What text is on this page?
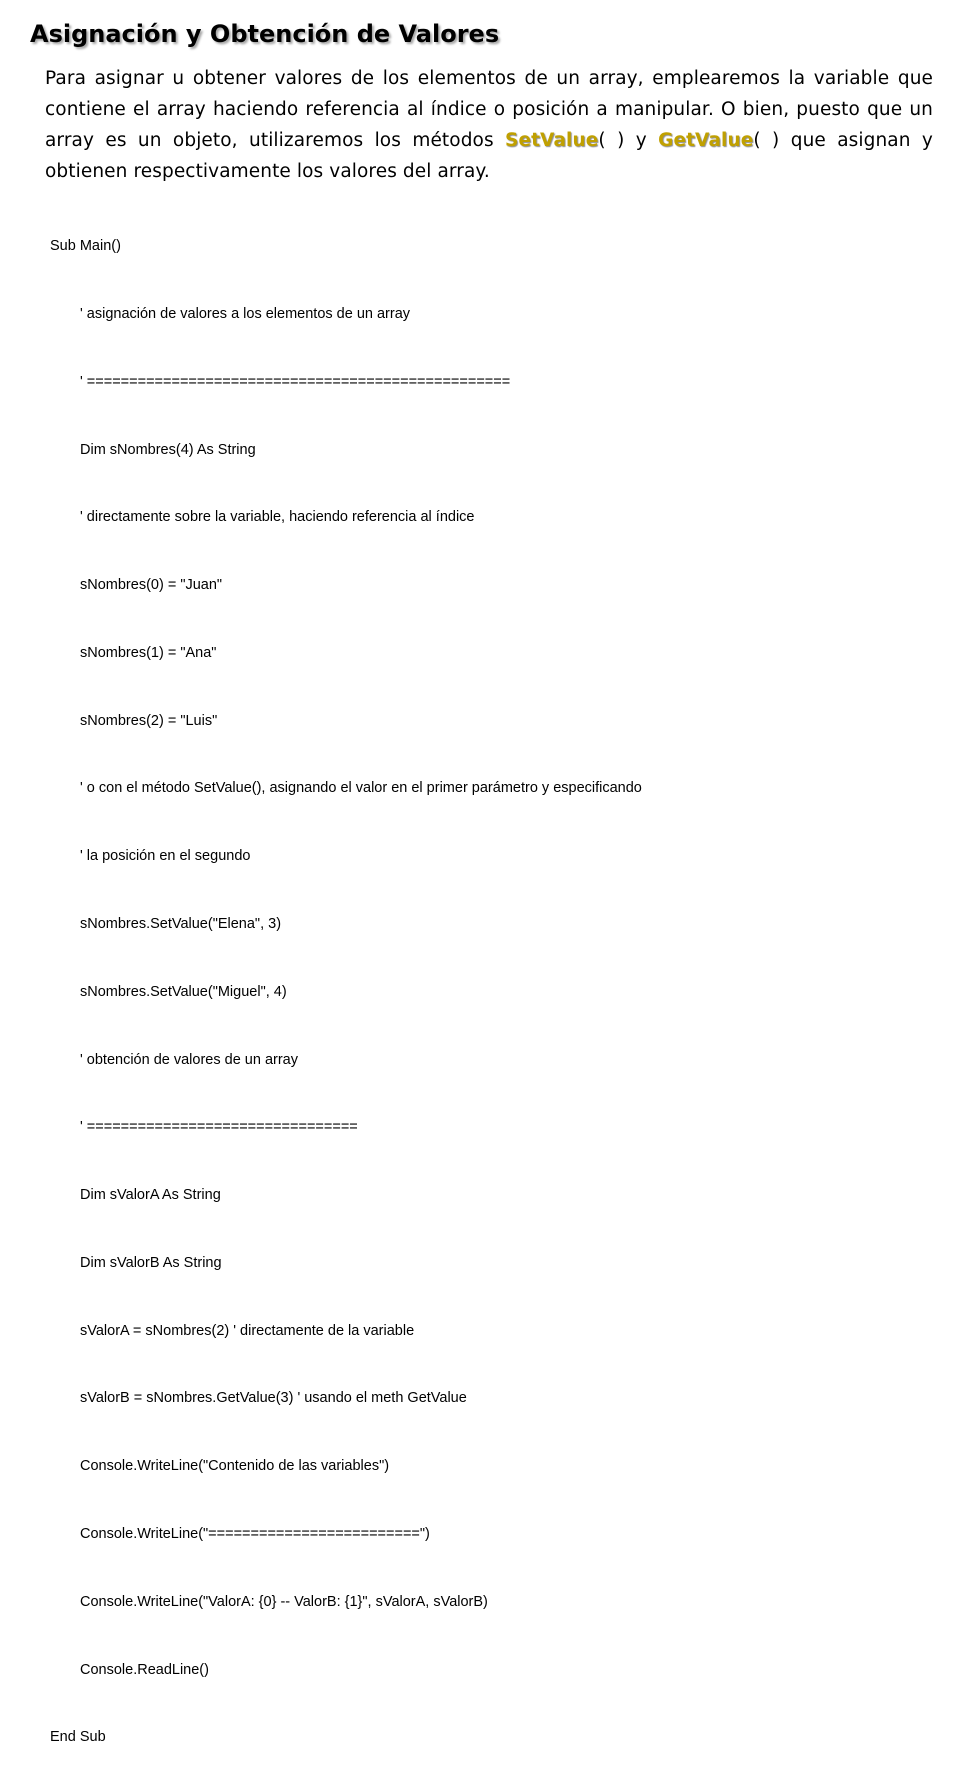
Asignación y Obtención de Valores

Para asignar u obtener valores de los elementos de un array, emplearemos la variable que contiene el array haciendo referencia al índice o posición a manipular. O bien, puesto que un array es un objeto, utilizaremos los métodos SetValue( ) y GetValue( ) que asignan y obtienen respectivamente los valores del array.

Sub Main()

' asignación de valores a los elementos de un array

' ==================================================

Dim sNombres(4) As String

' directamente sobre la variable, haciendo referencia al índice

sNombres(0) = "Juan"

sNombres(1) = "Ana"

sNombres(2) = "Luis"

' o con el método SetValue(), asignando el valor en el primer parámetro y especificando

' la posición en el segundo

sNombres.SetValue("Elena", 3)

sNombres.SetValue("Miguel", 4)

' obtención de valores de un array

' ================================

Dim sValorA As String

Dim sValorB As String

sValorA = sNombres(2) ' directamente de la variable

sValorB = sNombres.GetValue(3) ' usando el meth GetValue

Console.WriteLine("Contenido de las variables")

Console.WriteLine("=========================")

Console.WriteLine("ValorA: {0} -- ValorB: {1}", sValorA, sValorB)

Console.ReadLine()

End Sub
